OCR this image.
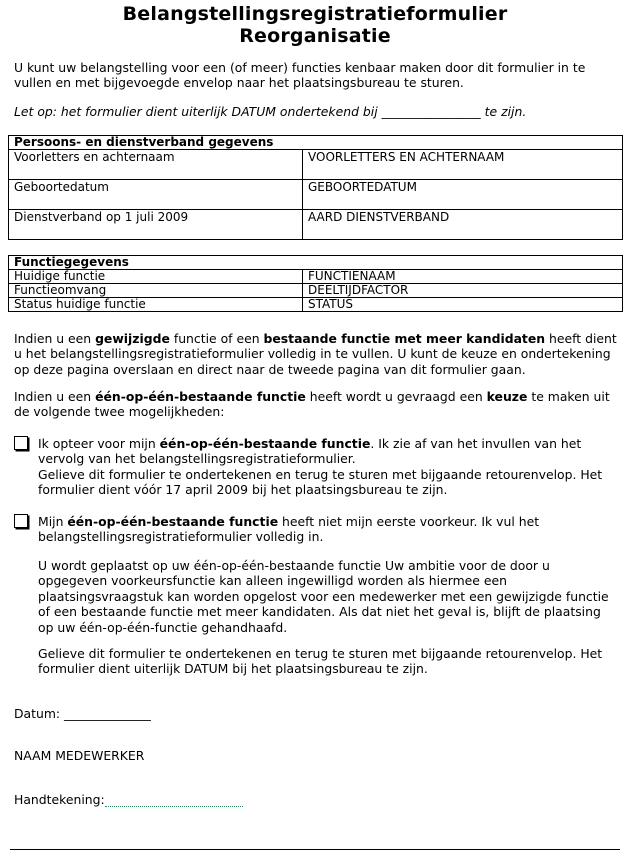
Belangstellingsregistratieformulier
Reorganisatie

U kunt uw belangstelling voor een (of meer) functies kenbaar maken door dit formulier in te vullen en met bijgevoegde envelop naar het plaatsingsbureau te sturen.

Let op: het formulier dient uiterlijk DATUM ondertekend bij ________________ te zijn.

Persoons- en dienstverband gegevens	
Voorletters en achternaam	VOORLETTERS EN ACHTERNAAM
Geboortedatum	GEBOORTEDATUM
Dienstverband op 1 juli 2009	AARD DIENSTVERBAND
Functiegegevens	
Huidige functie	FUNCTIENAAM
Functieomvang	DEELTIJDFACTOR
Status huidige functie	STATUS

Indien u een gewijzigde functie of een bestaande functie met meer kandidaten heeft dient u het belangstellingsregistratieformulier volledig in te vullen. U kunt de keuze en ondertekening op deze pagina overslaan en direct naar de tweede pagina van dit formulier gaan.

Indien u een één-op-één-bestaande functie heeft wordt u gevraagd een keuze te maken uit de volgende twee mogelijkheden:

Ik opteer voor mijn één-op-één-bestaande functie. Ik zie af van het invullen van het vervolg van het belangstellingsregistratieformulier.

Gelieve dit formulier te ondertekenen en terug te sturen met bijgaande retourenvelop. Het formulier dient vóór 17 april 2009 bij het plaatsingsbureau te zijn.

Mijn één-op-één-bestaande functie heeft niet mijn eerste voorkeur. Ik vul het belangstellingsregistratieformulier volledig in.

U wordt geplaatst op uw één-op-één-bestaande functie Uw ambitie voor de door u opgegeven voorkeursfunctie kan alleen ingewilligd worden als hiermee een plaatsingsvraagstuk kan worden opgelost voor een medewerker met een gewijzigde functie of een bestaande functie met meer kandidaten. Als dat niet het geval is, blijft de plaatsing op uw één-op-één-functie gehandhaafd.

Gelieve dit formulier te ondertekenen en terug te sturen met bijgaande retourenvelop. Het formulier dient uiterlijk DATUM bij het plaatsingsbureau te zijn.

Datum: ______________

NAAM MEDEWERKER

Handtekening:
